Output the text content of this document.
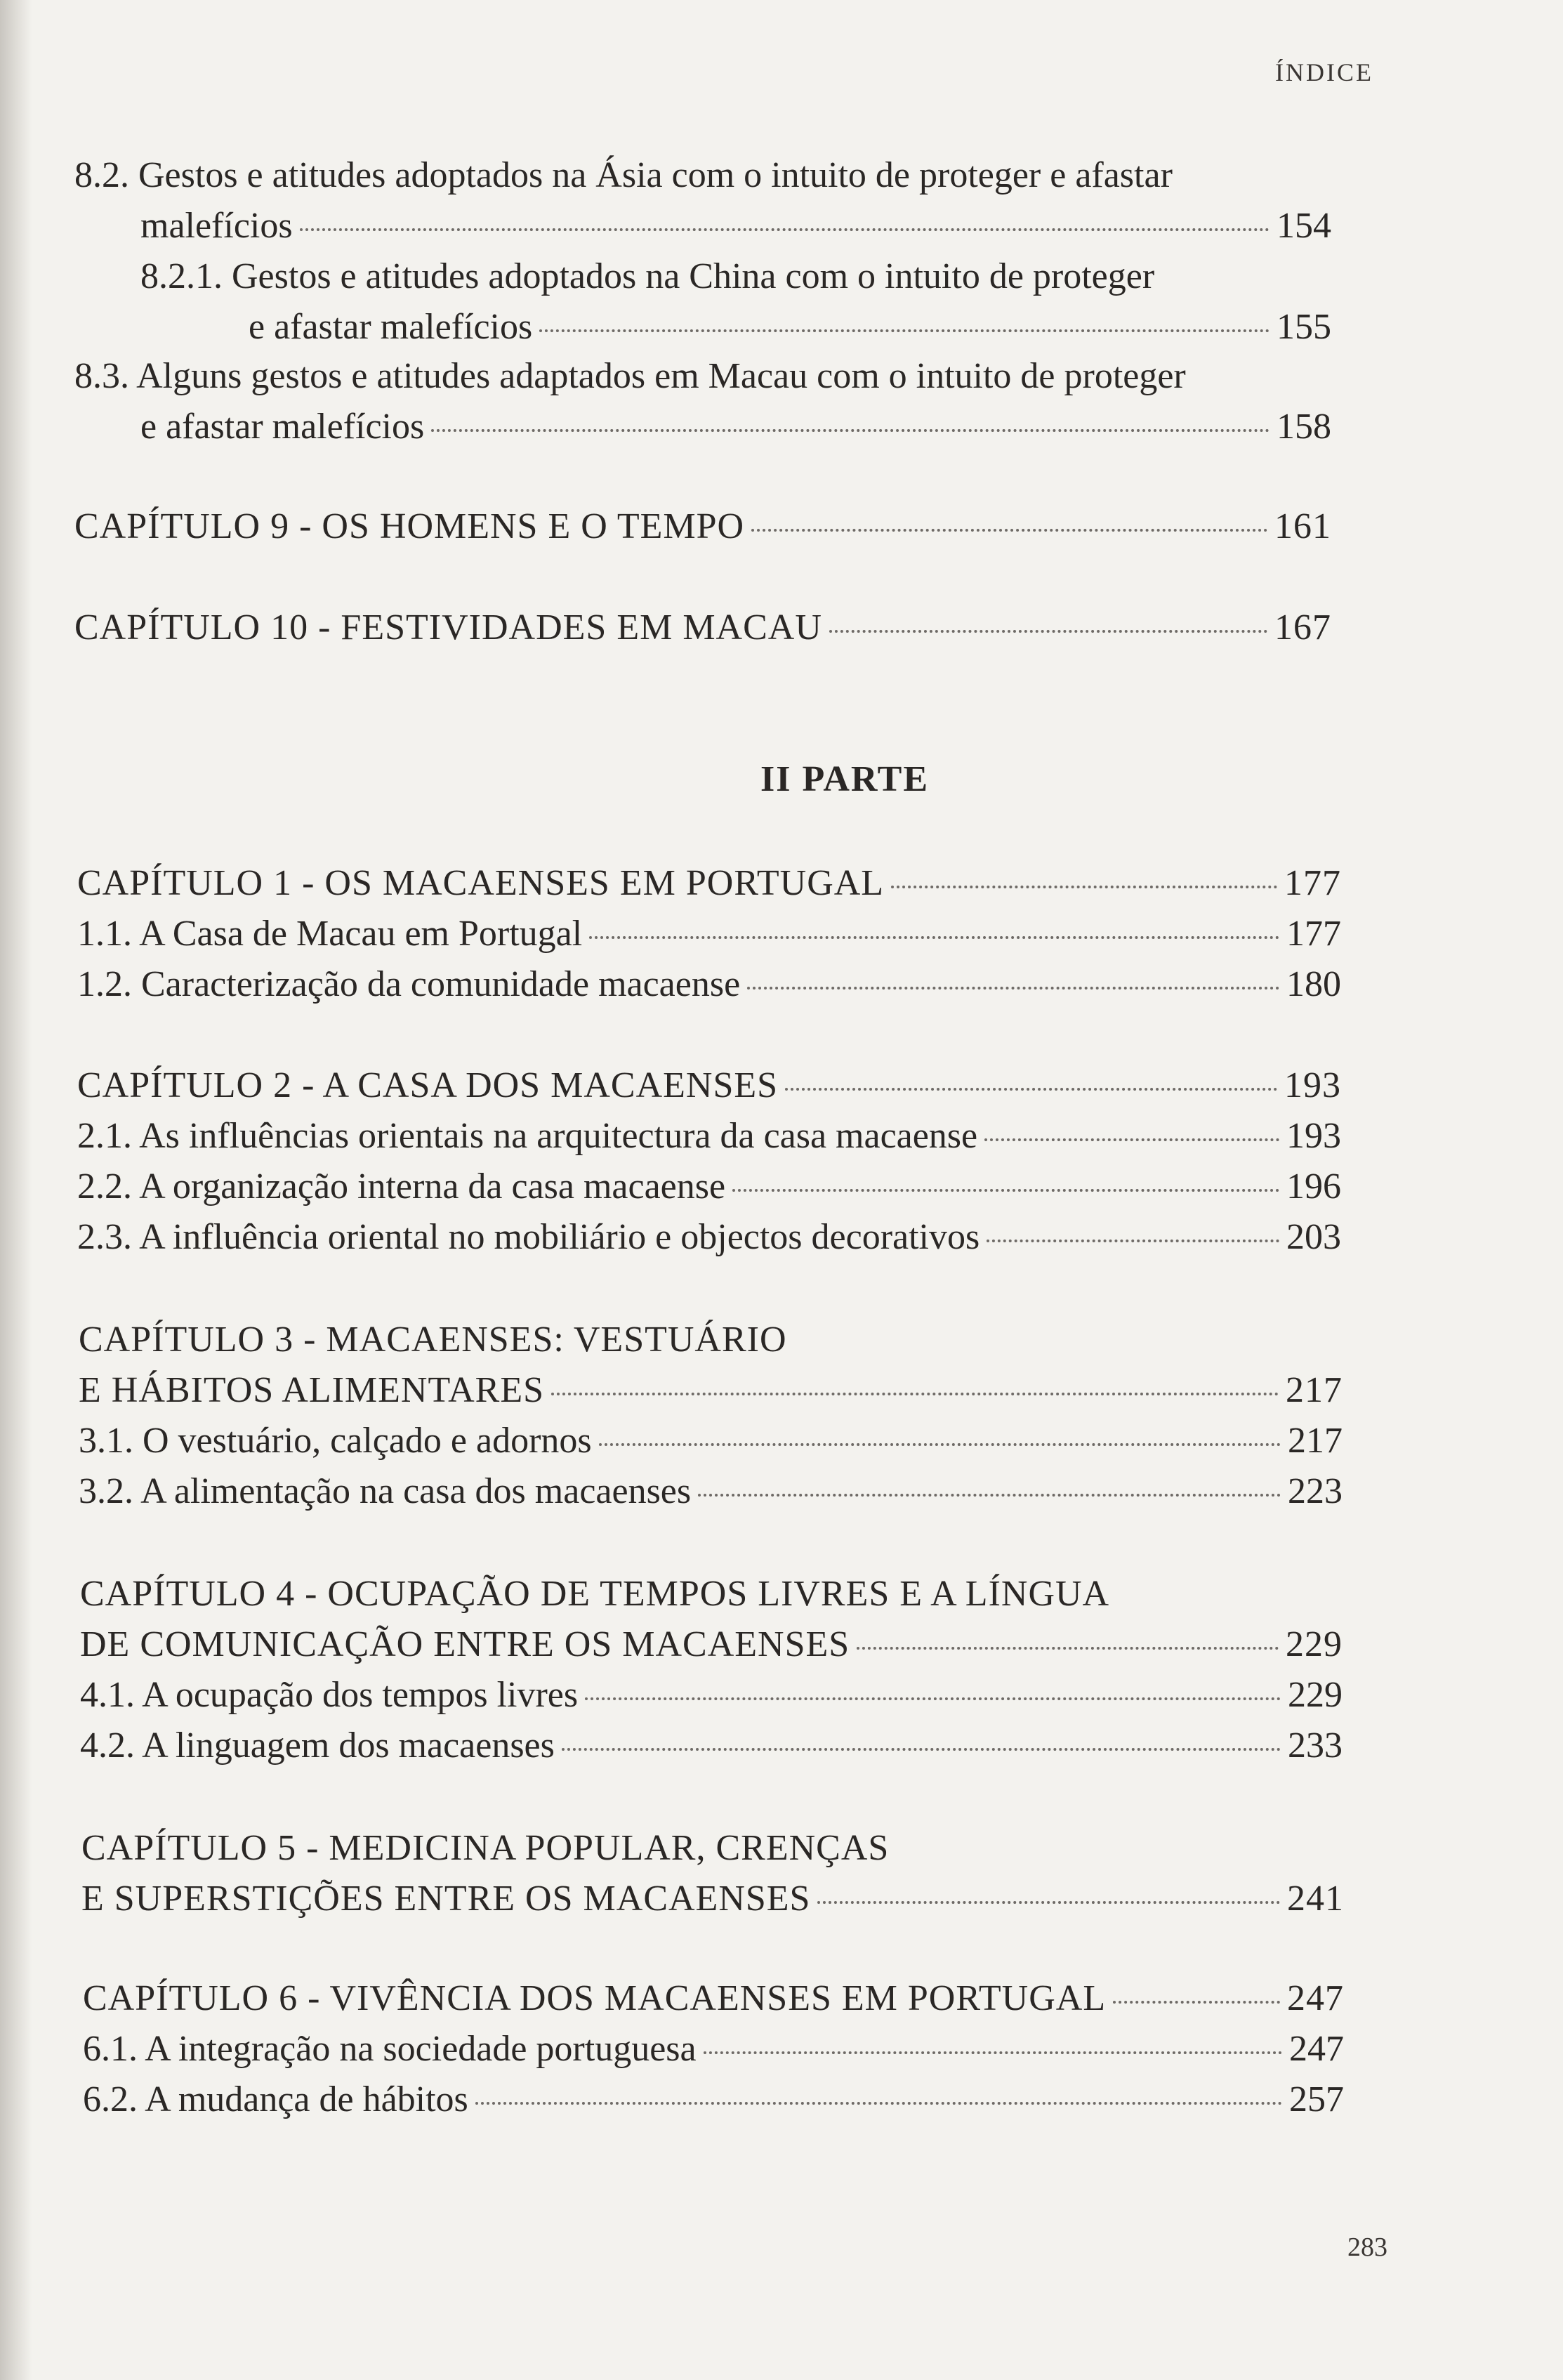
ÍNDICE
8.2. Gestos e atitudes adoptados na Ásia com o intuito de proteger e afastar
malefícios	154
8.2.1. Gestos e atitudes adoptados na China com o intuito de proteger
e afastar malefícios	155
8.3. Alguns gestos e atitudes adaptados em Macau com o intuito de proteger
e afastar malefícios	158
CAPÍTULO 9 - OS HOMENS E O TEMPO	161
CAPÍTULO 10 - FESTIVIDADES EM MACAU	167
II PARTE
CAPÍTULO 1 - OS MACAENSES EM PORTUGAL	177
1.1. A Casa de Macau em Portugal	177
1.2. Caracterização da comunidade macaense	180
CAPÍTULO 2 - A CASA DOS MACAENSES	193
2.1. As influências orientais na arquitectura da casa macaense	193
2.2. A organização interna da casa macaense	196
2.3. A influência oriental no mobiliário e objectos decorativos	203
CAPÍTULO 3 - MACAENSES: VESTUÁRIO
E HÁBITOS ALIMENTARES	217
3.1. O vestuário, calçado e adornos	217
3.2. A alimentação na casa dos macaenses	223
CAPÍTULO 4 - OCUPAÇÃO DE TEMPOS LIVRES E A LÍNGUA
DE COMUNICAÇÃO ENTRE OS MACAENSES	229
4.1. A ocupação dos tempos livres	229
4.2. A linguagem dos macaenses	233
CAPÍTULO 5 - MEDICINA POPULAR, CRENÇAS
E SUPERSTIÇÕES ENTRE OS MACAENSES	241
CAPÍTULO 6 - VIVÊNCIA DOS MACAENSES EM PORTUGAL	247
6.1. A integração na sociedade portuguesa	247
6.2. A mudança de hábitos	257
283
